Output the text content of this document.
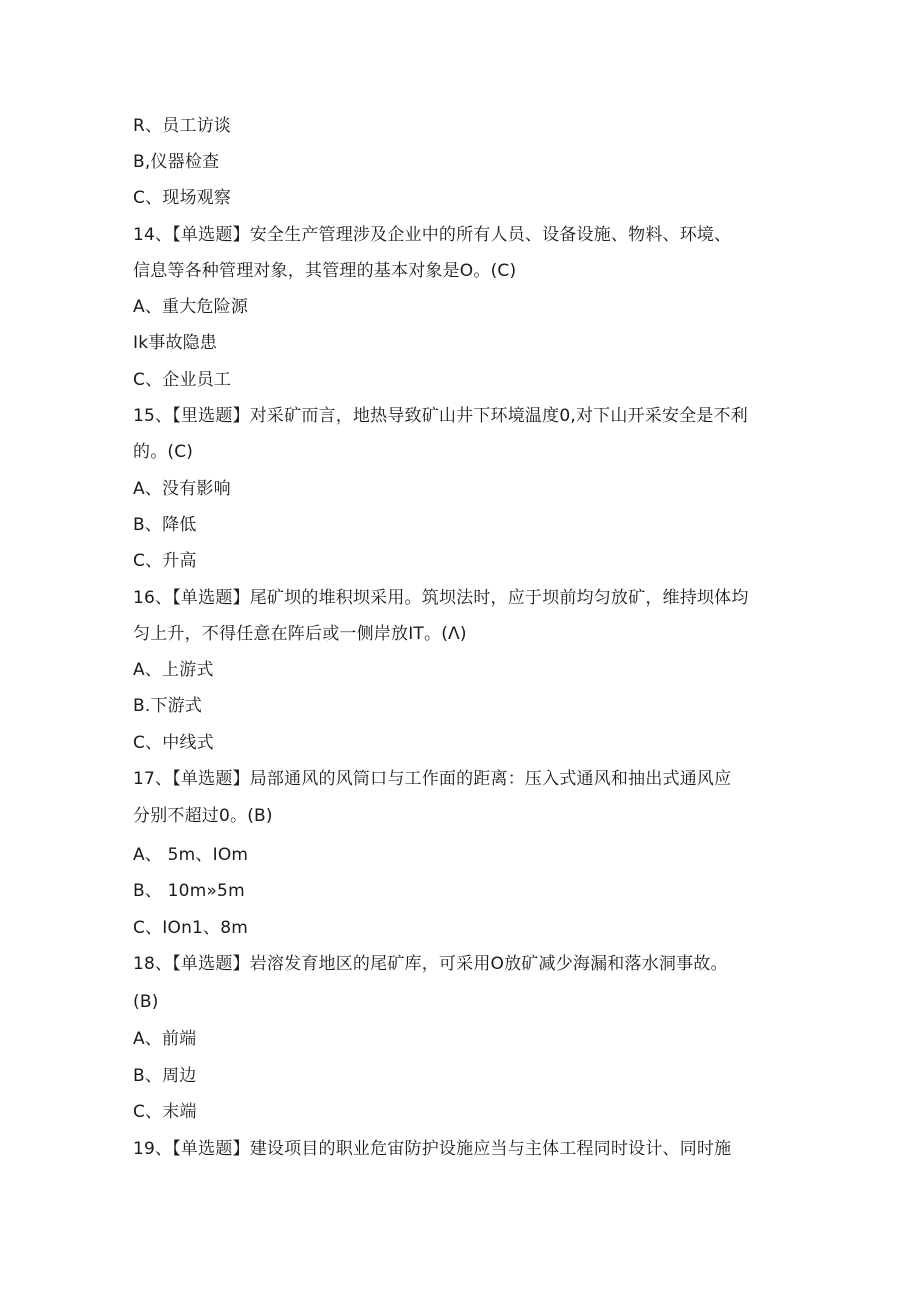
R、员工访谈
B,仪器检查
C、现场观察
14、【单选题】安全生产管理涉及企业中的所有人员、设备设施、物料、环境、
信息等各种管理对象，其管理的基本对象是O。(C)
A、重大危险源
Ik事故隐患
C、企业员工
15、【里选题】对采矿而言，地热导致矿山井下环境温度0,对下山开采安全是不利
的。(C)
A、没有影响
B、降低
C、升高
16、【单选题】尾矿坝的堆积坝采用。筑坝法时，应于坝前均匀放矿，维持坝体均
匀上升，不得任意在阵后或一侧岸放IT。(Λ)
A、上游式
B.下游式
C、中线式
17、【单选题】局部通风的风筒口与工作面的距离：压入式通风和抽出式通风应
分别不超过0。(B)
A、 5m、IOm
B、 10m»5m
C、IOn1、8m
18、【单选题】岩溶发育地区的尾矿库，可采用O放矿减少海漏和落水洞事故。
(B)
A、前端
B、周边
C、末端
19、【单选题】建设项目的职业危宙防护设施应当与主体工程同时设计、同时施
